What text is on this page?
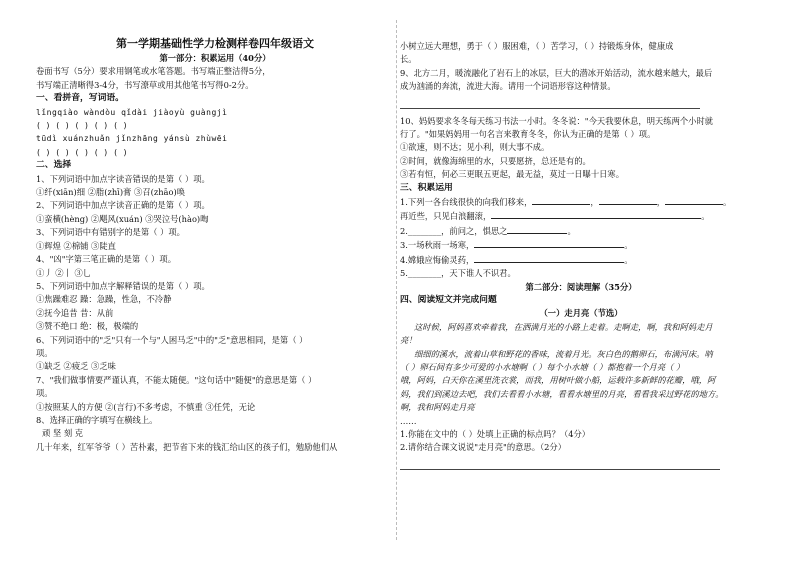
第一学期基础性学力检测样卷四年级语文
第一部分：积累运用（40分）
卷面书写（5分）要求用钢笔或水笔答题。书写端正整洁得5分，
书写端正清晰得3-4分，书写潦草或用其他笔书写得0-2分。
一、看拼音，写词语。
lǐngqiào wàndòu qǐdài jiàoyù guàngjì
( ) ( ) ( ) ( ) ( )
tūdì xuánzhuǎn jǐnzhāng yánsù zhùwēi
( ) ( ) ( ) ( ) ( )
二、选择
1、下列词语中加点字读音错误的是第（ ）项。
①纤(xiān)细 ②脂(zhī)膏 ③召(zhāo)唤
2、下列词语中加点字读音正确的是第（ ）项。
①蛮横(hèng) ②飓风(xuán) ③哭泣号(hào)啕
3、下列词语中有错别字的是第（ ）项。
①辉煌 ②棉铺 ③陡直
4、"凶"字第三笔正确的是第（ ）项。
①丿 ②丨 ③乚
5、下列词语中加点字解释错误的是第（ ）项。
①焦躁难忍 躁：急躁，性急，不冷静
②抚今追昔 昔：从前
③赞不绝口 绝：极，极端的
6、下列词语中的"乏"只有一个与"人困马乏"中的"乏"意思相同，是第（ ）
项。
①缺乏 ②疲乏 ③乏味
7、"我们做事情要严谨认真，不能太随便。"这句话中"随便"的意思是第（ ）
项。
①按照某人的方便 ②(言行)不多考虑，不慎重 ③任凭，无论
8、选择正确的字填写在横线上。
顽 坚 刻 克
几十年来，红军爷爷（ ）苦朴素，把节省下来的钱汇给山区的孩子们，勉励他们从
小树立远大理想，勇于（ ）服困难，（ ）苦学习，（ ）持锻炼身体，健康成
长。
9、北方二月，暖流融化了岩石上的冰层，巨大的潜冰开始活动，流水越来越大，最后
成为汹涌的奔流，流进大海。请用一个词语形容这种情景。
10、妈妈要求冬冬每天练习书法一小时。冬冬说："今天我要休息，明天练两个小时就
行了。"如果妈妈用一句名言来教育冬冬，你认为正确的是第（ ）项。
①欲速，则不达；见小利，则大事不成。
②时间，就像海绵里的水，只要愿挤，总还是有的。
③若有恒，何必三更眠五更起，最无益，莫过一日曝十日寒。
三、积累运用
1.下列一各台线很快的向我们移来，	，	，	。
再近些，只见白浪翻滚，	。
2.________，前问之，惧思之	。
3.一场秋雨一场寒，	。
4.嫦娥应悔偷灵药，	。
5.________，天下谁人不识君。
第二部分：阅读理解（35分）
四、阅读短文并完成问题
（一）走月亮（节选）
这时候，阿妈喜欢牵着我，在洒满月光的小路上走着。走啊走，啊，我和阿妈走月
亮！
细细的溪水，流着山草和野花的香味，流着月光。灰白色的鹅卵石，布满河床。呐
（ ）卵石间有多少可爱的小水塘啊（ ）每个小水塘（ ）都抱着一个月亮（ ）
哦，阿妈，白天你在溪里洗衣裳，而我，用树叶做小船，运载许多新鲜的花瓣，哦，阿
妈，我们到溪边去吧，我们去看看小水塘，看看水塘里的月亮，看看我采过野花的地方。
啊，我和阿妈走月亮
……
1.你能在文中的（ ）处填上正确的标点吗？（4分）
2.请你结合课文说说"走月亮"的意思。（2分）
